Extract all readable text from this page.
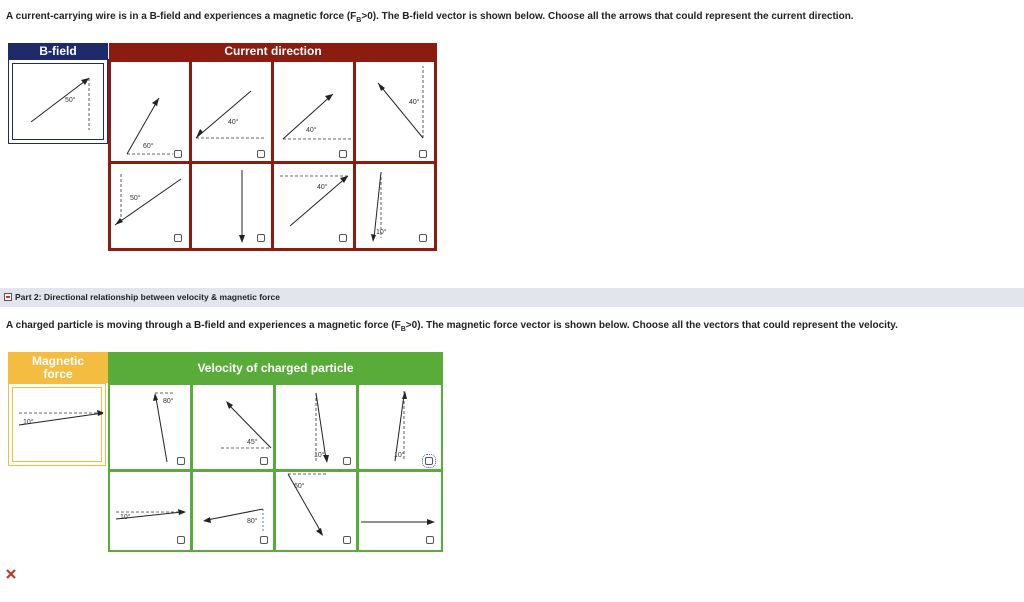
A current-carrying wire is in a B-field and experiences a magnetic force $(F_B>0)$. The B-field vector is shown below. Choose all the arrows that could represent the current direction.
B-field	Current direction
50°
60°
40°
40°
40°
50°
40°
10°
Part 2: Directional relationship between velocity & magnetic force
A charged particle is moving through a B-field and experiences a magnetic force $(F_B>0)$. The magnetic force vector is shown below. Choose all the vectors that could represent the velocity.
Magnetic force	Velocity of charged particle
10°
80°
45°
10°	10°
10°
80°
60°
